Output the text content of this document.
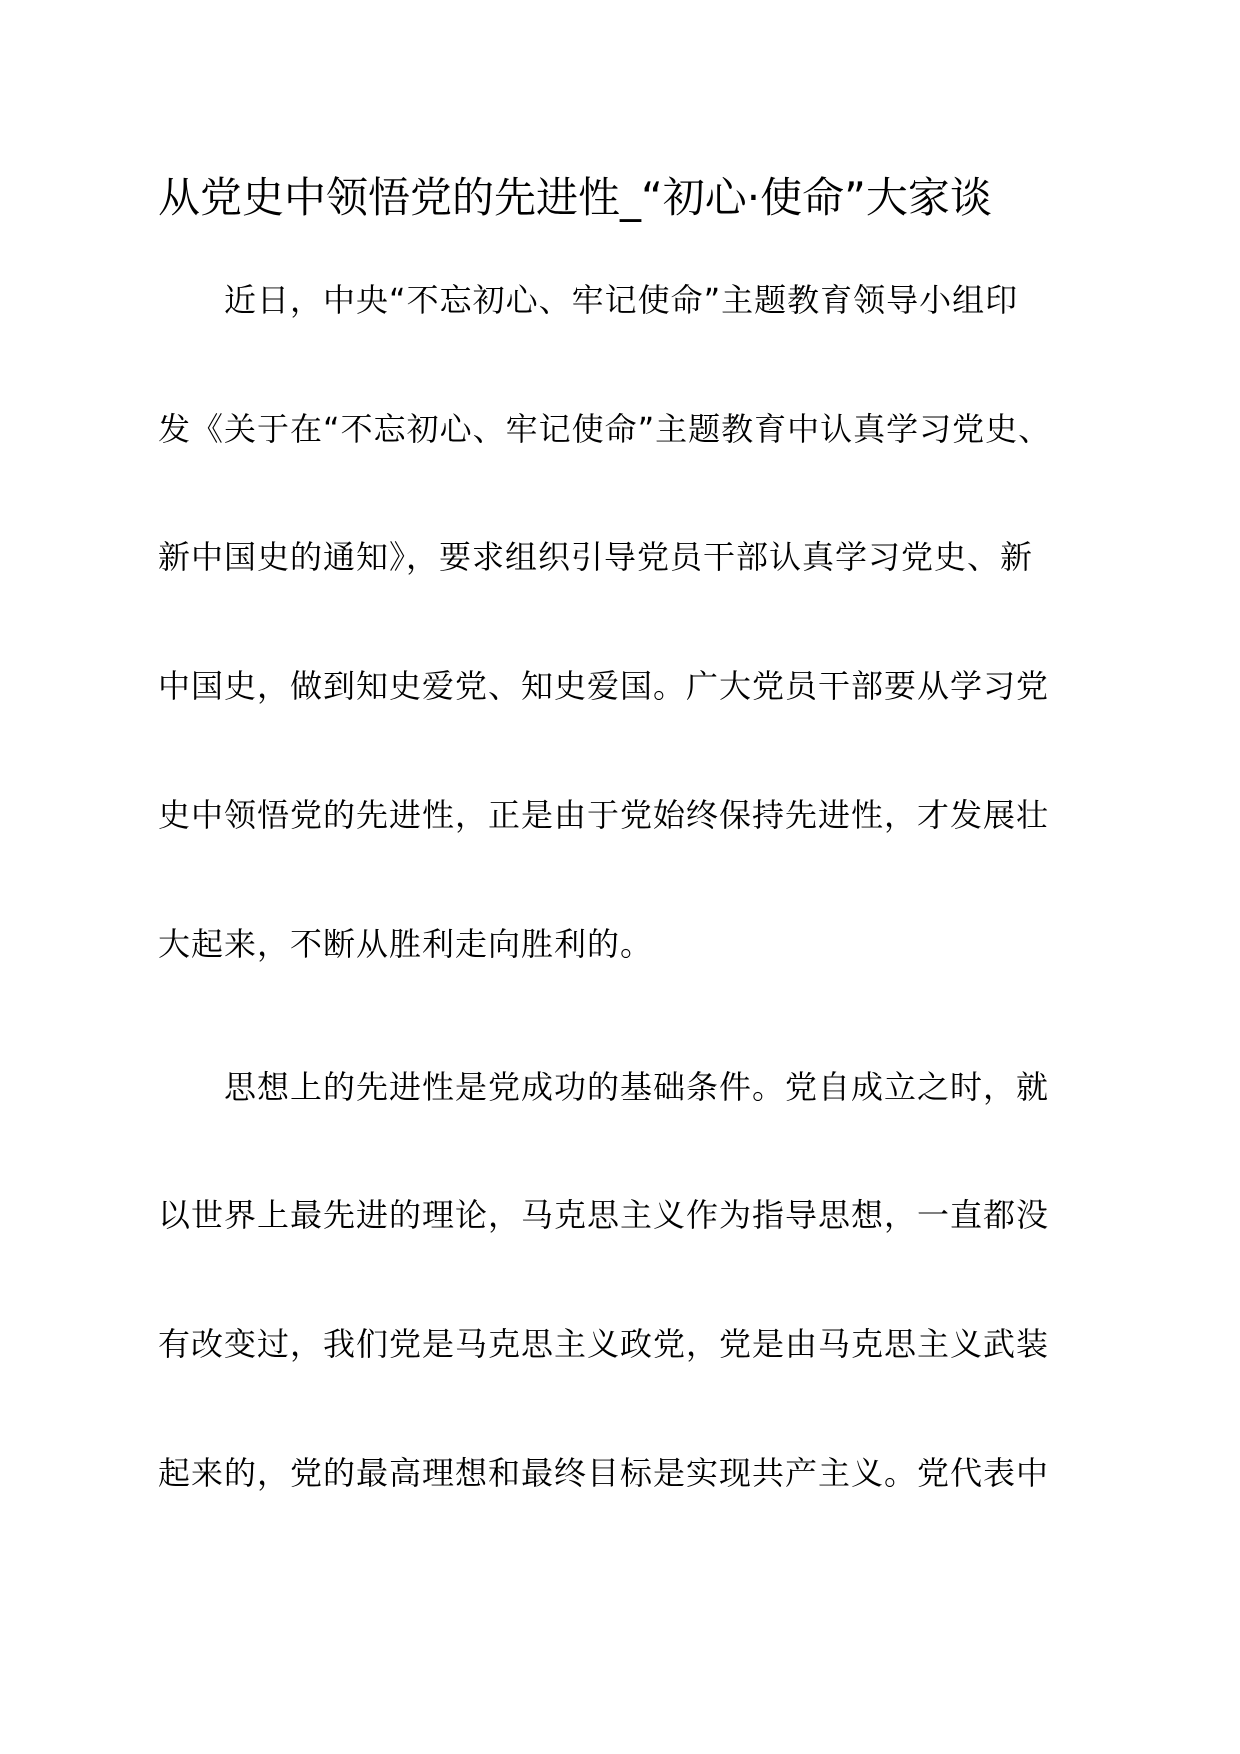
从党史中领悟党的先进性_“初心·使命”大家谈
近日，中央“不忘初心、牢记使命”主题教育领导小组印
发《关于在“不忘初心、牢记使命”主题教育中认真学习党史、
新中国史的通知》，要求组织引导党员干部认真学习党史、新
中国史，做到知史爱党、知史爱国。广大党员干部要从学习党
史中领悟党的先进性，正是由于党始终保持先进性，才发展壮
大起来，不断从胜利走向胜利的。
思想上的先进性是党成功的基础条件。党自成立之时，就
以世界上最先进的理论，马克思主义作为指导思想，一直都没
有改变过，我们党是马克思主义政党，党是由马克思主义武装
起来的，党的最高理想和最终目标是实现共产主义。党代表中
